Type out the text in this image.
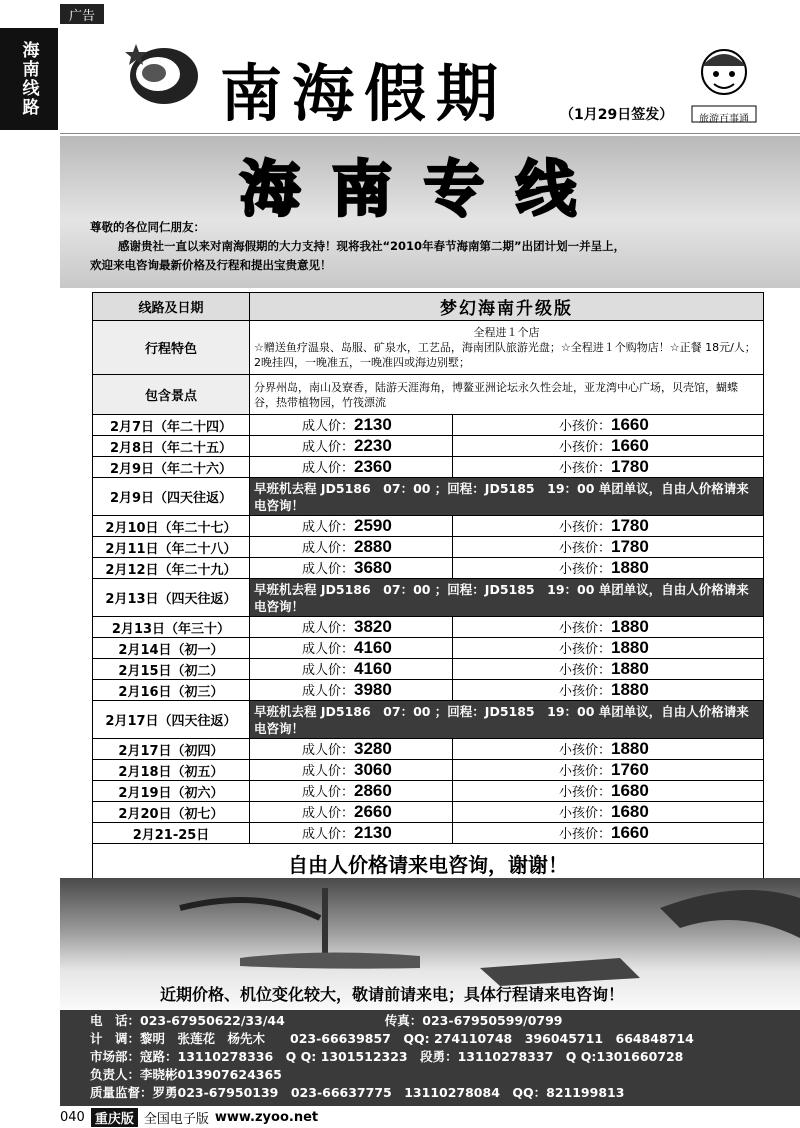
广告
海南线路	南海假期	（1月29日签发）	旅游百事通
海南专线
尊敬的各位同仁朋友：
感谢贵社一直以来对南海假期的大力支持！现将我社“2010年春节海南第二期”出团计划一并呈上，
欢迎来电咨询最新价格及行程和提出宝贵意见！
线路及日期	梦幻海南升级版	
行程特色	全程进１个店
☆赠送鱼疗温泉、岛服、矿泉水，工艺品，海南团队旅游光盘；☆全程进１个购物店！☆正餐 18元/人；2晚挂四，一晚准五，一晚准四或海边别墅；	

包含景点	分界州岛，南山及寮香，陆游天涯海角，博鳌亚洲论坛永久性会址，亚龙湾中心广场，贝壳馆，蝴蝶谷，热带植物园，竹筏漂流	
2月7日（年二十四）	成人价：2130	小孩价：1660
2月8日（年二十五）	成人价：2230	小孩价：1660
2月9日（年二十六）	成人价：2360	小孩价：1780
2月9日（四天往返）	早班机去程 JD5186　07：00 ；回程：JD5185　19：00 单团单议，自由人价格请来电咨询！	
2月10日（年二十七）	成人价：2590	小孩价：1780
2月11日（年二十八）	成人价：2880	小孩价：1780
2月12日（年二十九）	成人价：3680	小孩价：1880
2月13日（四天往返）	早班机去程 JD5186　07：00 ；回程：JD5185　19：00 单团单议，自由人价格请来电咨询！	
2月13日（年三十）	成人价：3820	小孩价：1880
2月14日（初一）	成人价：4160	小孩价：1880
2月15日（初二）	成人价：4160	小孩价：1880
2月16日（初三）	成人价：3980	小孩价：1880
2月17日（四天往返）	早班机去程 JD5186　07：00 ；回程：JD5185　19：00 单团单议，自由人价格请来电咨询！	
2月17日（初四）	成人价：3280	小孩价：1880
2月18日（初五）	成人价：3060	小孩价：1760
2月19日（初六）	成人价：2860	小孩价：1680
2月20日（初七）	成人价：2660	小孩价：1680
2月21-25日	成人价：2130	小孩价：1660
自由人价格请来电咨询，谢谢！		
近期价格、机位变化较大，敬请前请来电；具体行程请来电咨询！
电　话：023-67950622/33/44　　　　　　　　传真：023-67950599/0799
计　调：黎明　张莲花　杨先木　　023-66639857　QQ: 274110748　396045711　664848714
市场部：寇路：13110278336　Q Q: 1301512323　段勇：13110278337　Q Q:1301660728
负责人：李晓彬013907624365
质量监督：罗勇023-67950139　023-66637775　13110278084　QQ：821199813
040 重庆版 全国电子版 www.zyoo.net
